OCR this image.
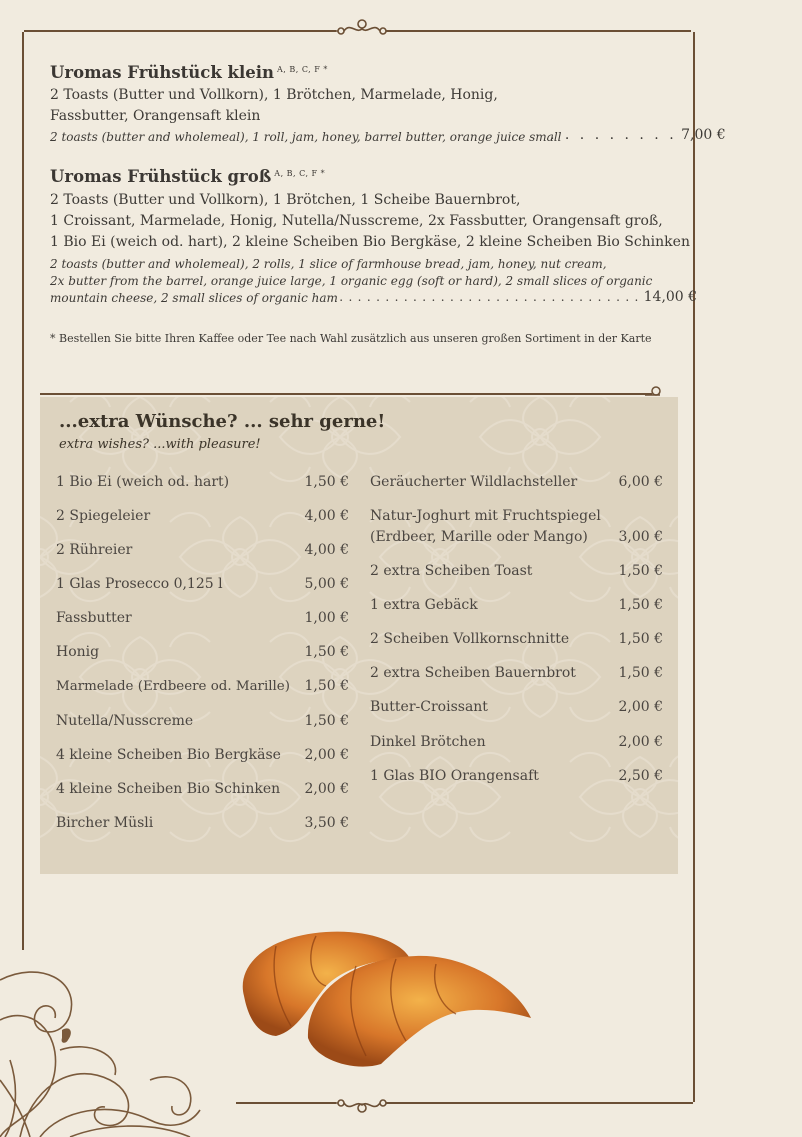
Uromas Frühstück klein $^{A, B, C, F *}$
2 Toasts (Butter und Vollkorn), 1 Brötchen, Marmelade, Honig,
Fassbutter, Orangensaft klein
2 toasts (butter and wholemeal), 1 roll, jam, honey, barrel butter, orange juice small
. . . . . . . . . 7,00 €
Uromas Frühstück groß $^{A, B, C, F *}$
2 Toasts (Butter und Vollkorn), 1 Brötchen, 1 Scheibe Bauernbrot,
1 Croissant, Marmelade, Honig, Nutella/Nusscreme, 2x Fassbutter, Orangensaft groß,
1 Bio Ei (weich od. hart), 2 kleine Scheiben Bio Bergkäse, 2 kleine Scheiben Bio Schinken
2 toasts (butter and wholemeal), 2 rolls, 1 slice of farmhouse bread, jam, honey, nut cream,
2x butter from the barrel, orange juice large, 1 organic egg (soft or hard), 2 small slices of organic
mountain cheese, 2 small slices of organic ham
. . . . . . . . . . . . . . . . . . . . . . . . . . . . . . . . . . 14,00 €
* Bestellen Sie bitte Ihren Kaffee oder Tee nach Wahl zusätzlich aus unseren großen Sortiment in der Karte
...extra Wünsche? ... sehr gerne!
extra wishes? ...with pleasure!
1 Bio Ei (weich od. hart)	1,50 €
2 Spiegeleier	4,00 €
2 Rühreier	4,00 €
1 Glas Prosecco 0,125 l	5,00 €
Fassbutter	1,00 €
Honig	1,50 €
Marmelade (Erdbeere od. Marille) 1,50 €
Nutella/Nusscreme	1,50 €
4 kleine Scheiben Bio Bergkäse 2,00 €
4 kleine Scheiben Bio Schinken 2,00 €
Bircher Müsli	3,50 €
Geräucherter Wildlachsteller	6,00 €
Natur-Joghurt mit Fruchtspiegel
(Erdbeer, Marille oder Mango)	3,00 €
2 extra Scheiben Toast	1,50 €
1 extra Gebäck	1,50 €
2 Scheiben Vollkornschnitte	1,50 €
2 extra Scheiben Bauernbrot	1,50 €
Butter-Croissant	2,00 €
Dinkel Brötchen	2,00 €
1 Glas BIO Orangensaft	2,50 €
